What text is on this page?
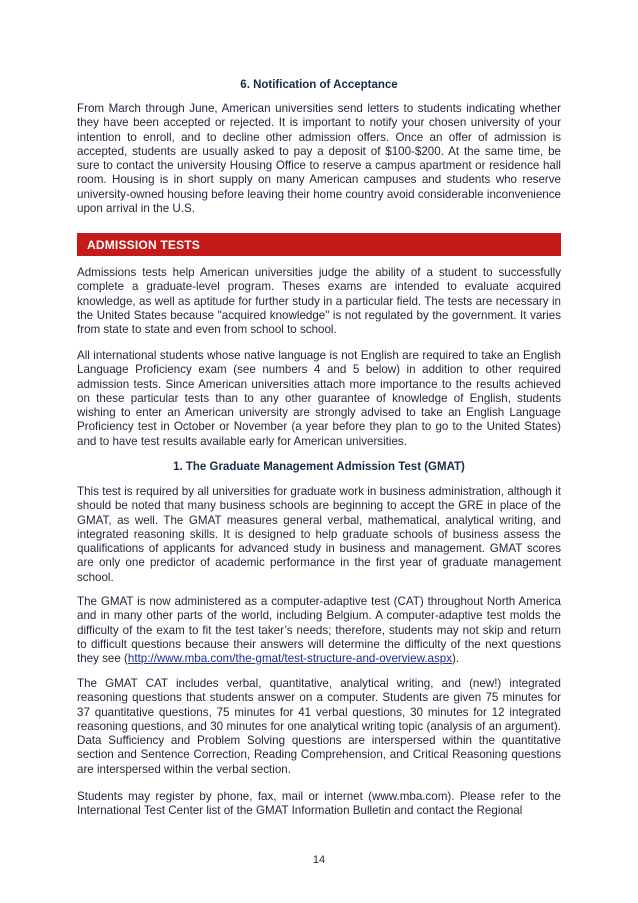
6. Notification of Acceptance

From March through June, American universities send letters to students indicating whether they have been accepted or rejected. It is important to notify your chosen university of your intention to enroll, and to decline other admission offers. Once an offer of admission is accepted, students are usually asked to pay a deposit of $100-$200. At the same time, be sure to contact the university Housing Office to reserve a campus apartment or residence hall room. Housing is in short supply on many American campuses and students who reserve university-owned housing before leaving their home country avoid considerable inconvenience upon arrival in the U.S.

ADMISSION TESTS

Admissions tests help American universities judge the ability of a student to successfully complete a graduate-level program. Theses exams are intended to evaluate acquired knowledge, as well as aptitude for further study in a particular field. The tests are necessary in the United States because "acquired knowledge" is not regulated by the government. It varies from state to state and even from school to school.

All international students whose native language is not English are required to take an English Language Proficiency exam (see numbers 4 and 5 below) in addition to other required admission tests. Since American universities attach more importance to the results achieved on these particular tests than to any other guarantee of knowledge of English, students wishing to enter an American university are strongly advised to take an English Language Proficiency test in October or November (a year before they plan to go to the United States) and to have test results available early for American universities.

1. The Graduate Management Admission Test (GMAT)

This test is required by all universities for graduate work in business administration, although it should be noted that many business schools are beginning to accept the GRE in place of the GMAT, as well. The GMAT measures general verbal, mathematical, analytical writing, and integrated reasoning skills. It is designed to help graduate schools of business assess the qualifications of applicants for advanced study in business and management. GMAT scores are only one predictor of academic performance in the first year of graduate management school.

The GMAT is now administered as a computer-adaptive test (CAT) throughout North America and in many other parts of the world, including Belgium. A computer-adaptive test molds the difficulty of the exam to fit the test taker’s needs; therefore, students may not skip and return to difficult questions because their answers will determine the difficulty of the next questions they see (http://www.mba.com/the-gmat/test-structure-and-overview.aspx).

The GMAT CAT includes verbal, quantitative, analytical writing, and (new!) integrated reasoning questions that students answer on a computer. Students are given 75 minutes for 37 quantitative questions, 75 minutes for 41 verbal questions, 30 minutes for 12 integrated reasoning questions, and 30 minutes for one analytical writing topic (analysis of an argument). Data Sufficiency and Problem Solving questions are interspersed within the quantitative section and Sentence Correction, Reading Comprehension, and Critical Reasoning questions are interspersed within the verbal section.

Students may register by phone, fax, mail or internet (www.mba.com). Please refer to the International Test Center list of the GMAT Information Bulletin and contact the Regional

14
